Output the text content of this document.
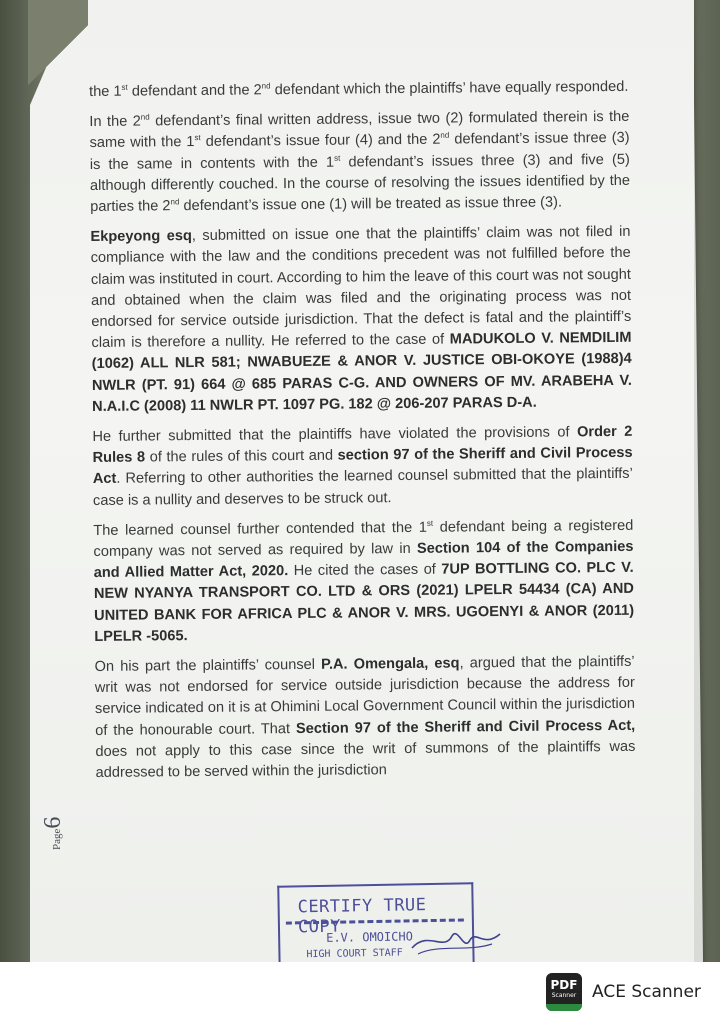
the 1st defendant and the 2nd defendant which the plaintiffs’ have equally responded.

In the 2nd defendant’s final written address, issue two (2) formulated therein is the same with the 1st defendant’s issue four (4) and the 2nd defendant’s issue three (3) is the same in contents with the 1st defendant’s issues three (3) and five (5) although differently couched. In the course of resolving the issues identified by the parties the 2nd defendant’s issue one (1) will be treated as issue three (3).

Ekpeyong esq, submitted on issue one that the plaintiffs’ claim was not filed in compliance with the law and the conditions precedent was not fulfilled before the claim was instituted in court. According to him the leave of this court was not sought and obtained when the claim was filed and the originating process was not endorsed for service outside jurisdiction. That the defect is fatal and the plaintiff’s claim is therefore a nullity. He referred to the case of MADUKOLO V. NEMDILIM (1062) ALL NLR 581; NWABUEZE & ANOR V. JUSTICE OBI-OKOYE (1988)4 NWLR (PT. 91) 664 @ 685 PARAS C-G. AND OWNERS OF MV. ARABEHA V. N.A.I.C (2008) 11 NWLR PT. 1097 PG. 182 @ 206-207 PARAS D-A.

He further submitted that the plaintiffs have violated the provisions of Order 2 Rules 8 of the rules of this court and section 97 of the Sheriff and Civil Process Act. Referring to other authorities the learned counsel submitted that the plaintiffs’ case is a nullity and deserves to be struck out.

The learned counsel further contended that the 1st defendant being a registered company was not served as required by law in Section 104 of the Companies and Allied Matter Act, 2020. He cited the cases of 7UP BOTTLING CO. PLC V. NEW NYANYA TRANSPORT CO. LTD & ORS (2021) LPELR 54434 (CA) AND UNITED BANK FOR AFRICA PLC & ANOR V. MRS. UGOENYI & ANOR (2011) LPELR -5065.

On his part the plaintiffs’ counsel P.A. Omengala, esq, argued that the plaintiffs’ writ was not endorsed for service outside jurisdiction because the address for service indicated on it is at Ohimini Local Government Council within the jurisdiction of the honourable court. That Section 97 of the Sheriff and Civil Process Act, does not apply to this case since the writ of summons of the plaintiffs was addressed to be served within the jurisdiction

Page6
CERTIFY TRUE COPY
E.V. OMOICHO
HIGH COURT STAFF
PDF
Scanner ACE Scanner
